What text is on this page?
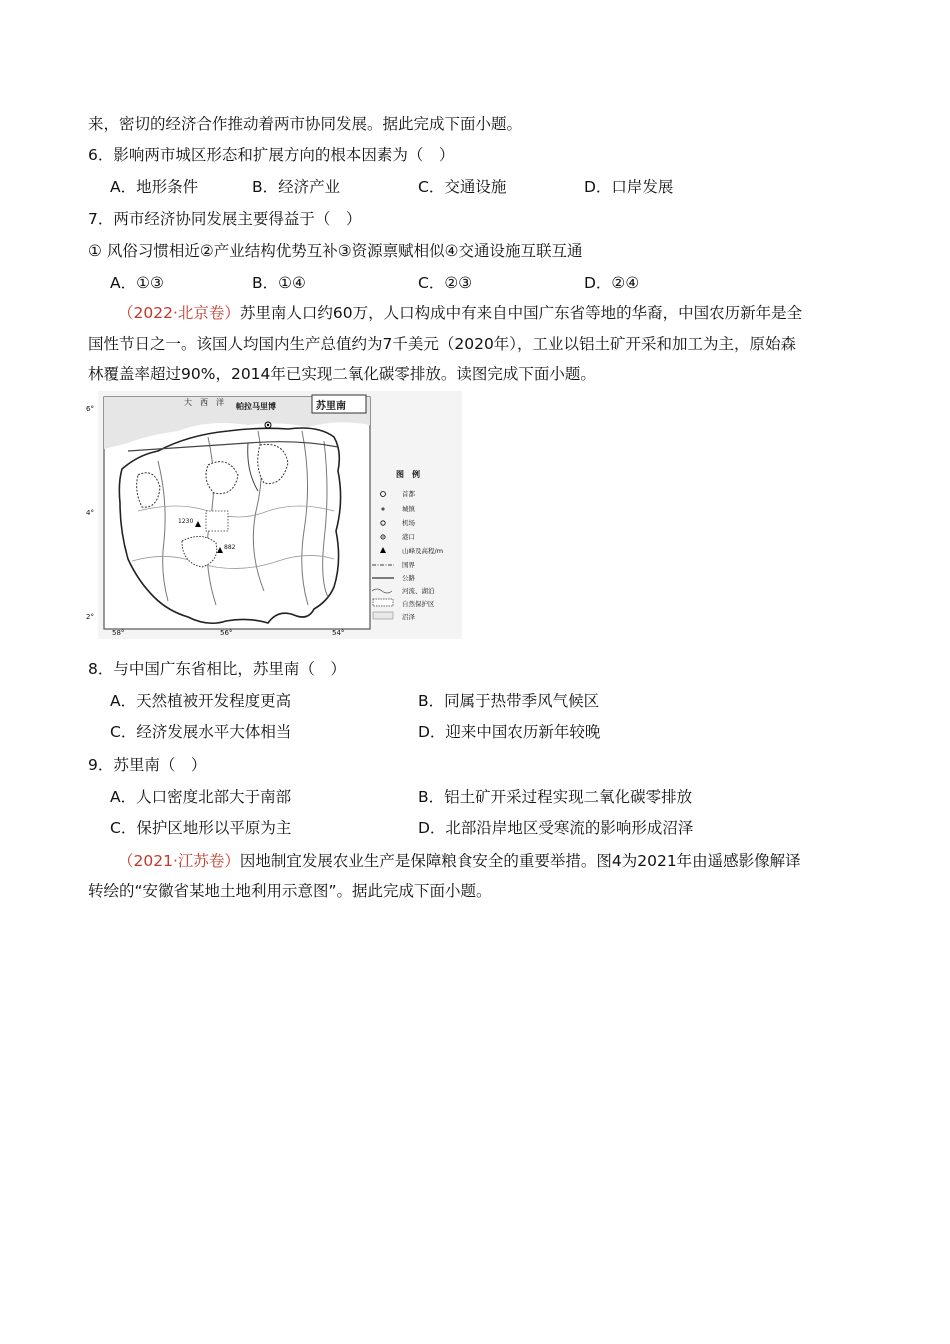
来，密切的经济合作推动着两市协同发展。据此完成下面小题。
6．影响两市城区形态和扩展方向的根本因素为（　）
A．地形条件	B．经济产业	C．交通设施	D．口岸发展
7．两市经济协同发展主要得益于（　）
① 风俗习惯相近②产业结构优势互补③资源禀赋相似④交通设施互联互通
A．①③	B．①④	C．②③	D．②④
（2022·北京卷）苏里南人口约60万，人口构成中有来自中国广东省等地的华裔，中国农历新年是全
国性节日之一。该国人均国内生产总值约为7千美元（2020年），工业以铝土矿开采和加工为主，原始森
林覆盖率超过90%，2014年已实现二氧化碳零排放。读图完成下面小题。
苏里南
帕拉马里博
大　西　洋
6°
4°
2°
58°	56°	54°
1230
882
图　例
首都
城镇
机场
港口
山峰及高程/m
国界
公路
河流、湖泊
自然保护区
沼泽
8．与中国广东省相比，苏里南（　）
A．天然植被开发程度更高	B．同属于热带季风气候区
C．经济发展水平大体相当	D．迎来中国农历新年较晚
9．苏里南（　）
A．人口密度北部大于南部	B．铝土矿开采过程实现二氧化碳零排放
C．保护区地形以平原为主	D．北部沿岸地区受寒流的影响形成沼泽
（2021·江苏卷）因地制宜发展农业生产是保障粮食安全的重要举措。图4为2021年由遥感影像解译
转绘的“安徽省某地土地利用示意图”。据此完成下面小题。
